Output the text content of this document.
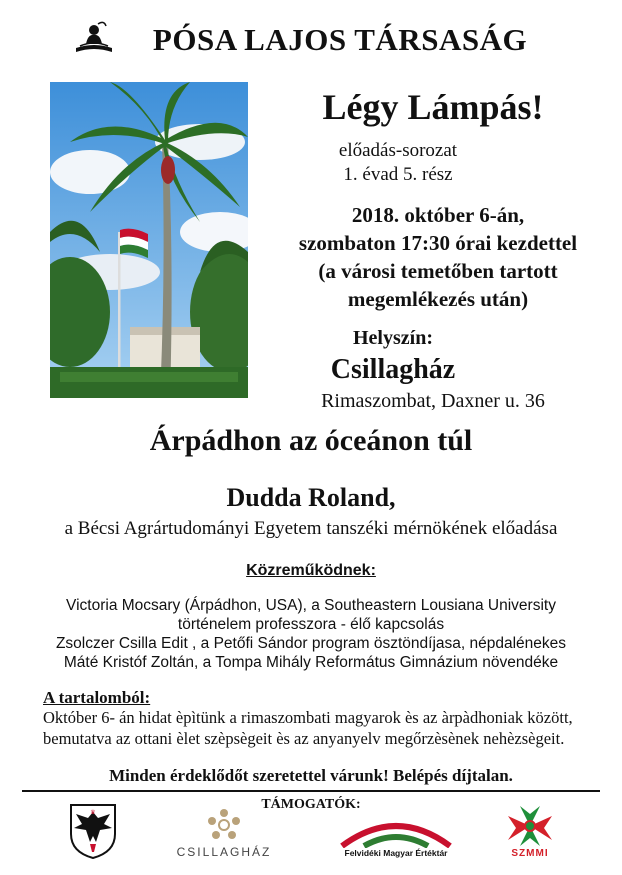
PÓSA LAJOS TÁRSASÁG
Légy Lámpás!
előadás-sorozat
1. évad 5. rész
2018. október 6-án,
szombaton 17:30 órai kezdettel
(a városi temetőben tartott
megemlékezés után)
Helyszín:
Csillagház
Rimaszombat, Daxner u. 36
Árpádhon az óceánon túl
Dudda Roland,
a Bécsi Agrártudományi Egyetem tanszéki mérnökének előadása
Közreműködnek:
Victoria Mocsary (Árpádhon, USA), a Southeastern Lousiana University
történelem professzora - élő kapcsolás
Zsolczer Csilla Edit , a Petőfi Sándor program ösztöndíjasa, népdalénekes
Máté Kristóf Zoltán, a Tompa Mihály Református Gimnázium növendéke
A tartalomból:
Október 6- án hidat èpìtünk a rimaszombati magyarok ès az àrpàdhoniak között,
bemutatva az ottani èlet szèpsègeit ès az anyanyelv megőrzèsènek nehèzsègeit.
Minden érdeklődőt szeretettel várunk! Belépés díjtalan.
TÁMOGATÓK:
♛
CSILLAGHÁZ	Felvidéki Magyar Értéktár	SZMMI
